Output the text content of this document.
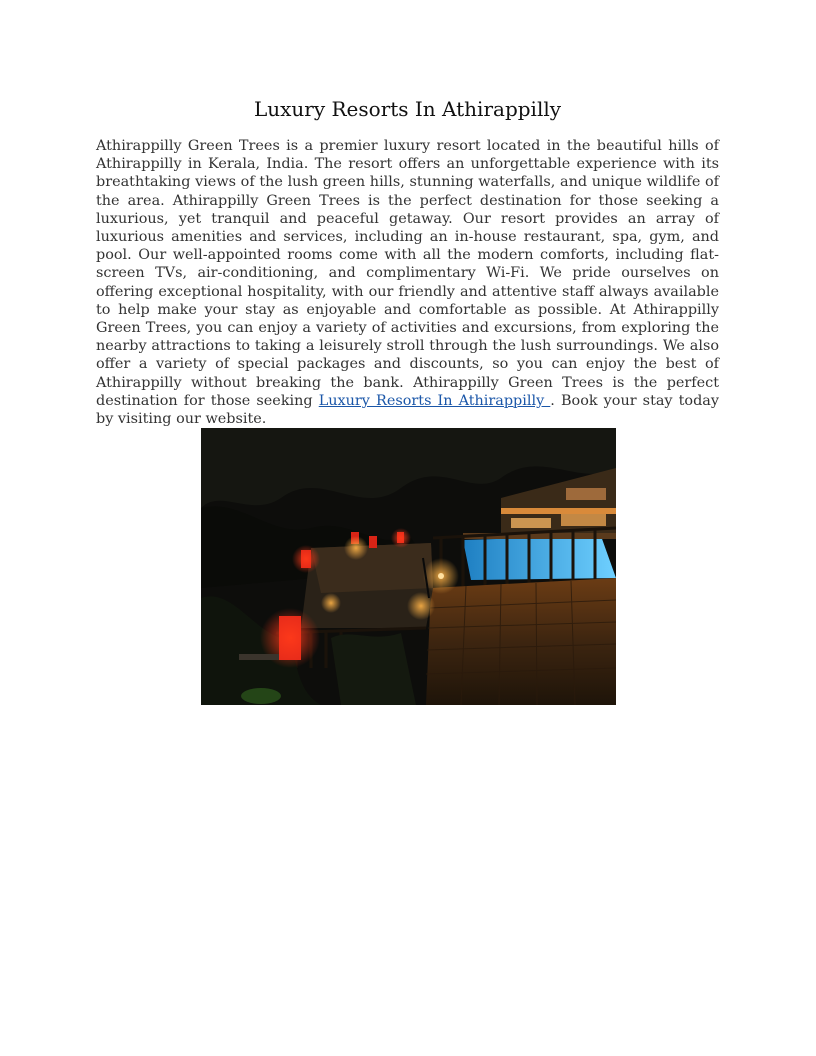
Luxury Resorts In Athirappilly

Athirappilly Green Trees is a premier luxury resort located in the beautiful hills of Athirappilly in Kerala, India. The resort offers an unforgettable experience with its breathtaking views of the lush green hills, stunning waterfalls, and unique wildlife of the area. Athirappilly Green Trees is the perfect destination for those seeking a luxurious, yet tranquil and peaceful getaway. Our resort provides an array of luxurious amenities and services, including an in-house restaurant, spa, gym, and pool. Our well-appointed rooms come with all the modern comforts, including flat-screen TVs, air-conditioning, and complimentary Wi-Fi. We pride ourselves on offering exceptional hospitality, with our friendly and attentive staff always available to help make your stay as enjoyable and comfortable as possible. At Athirappilly Green Trees, you can enjoy a variety of activities and excursions, from exploring the nearby attractions to taking a leisurely stroll through the lush surroundings. We also offer a variety of special packages and discounts, so you can enjoy the best of Athirappilly without breaking the bank. Athirappilly Green Trees is the perfect destination for those seeking Luxury Resorts In Athirappilly . Book your stay today by visiting our website.
